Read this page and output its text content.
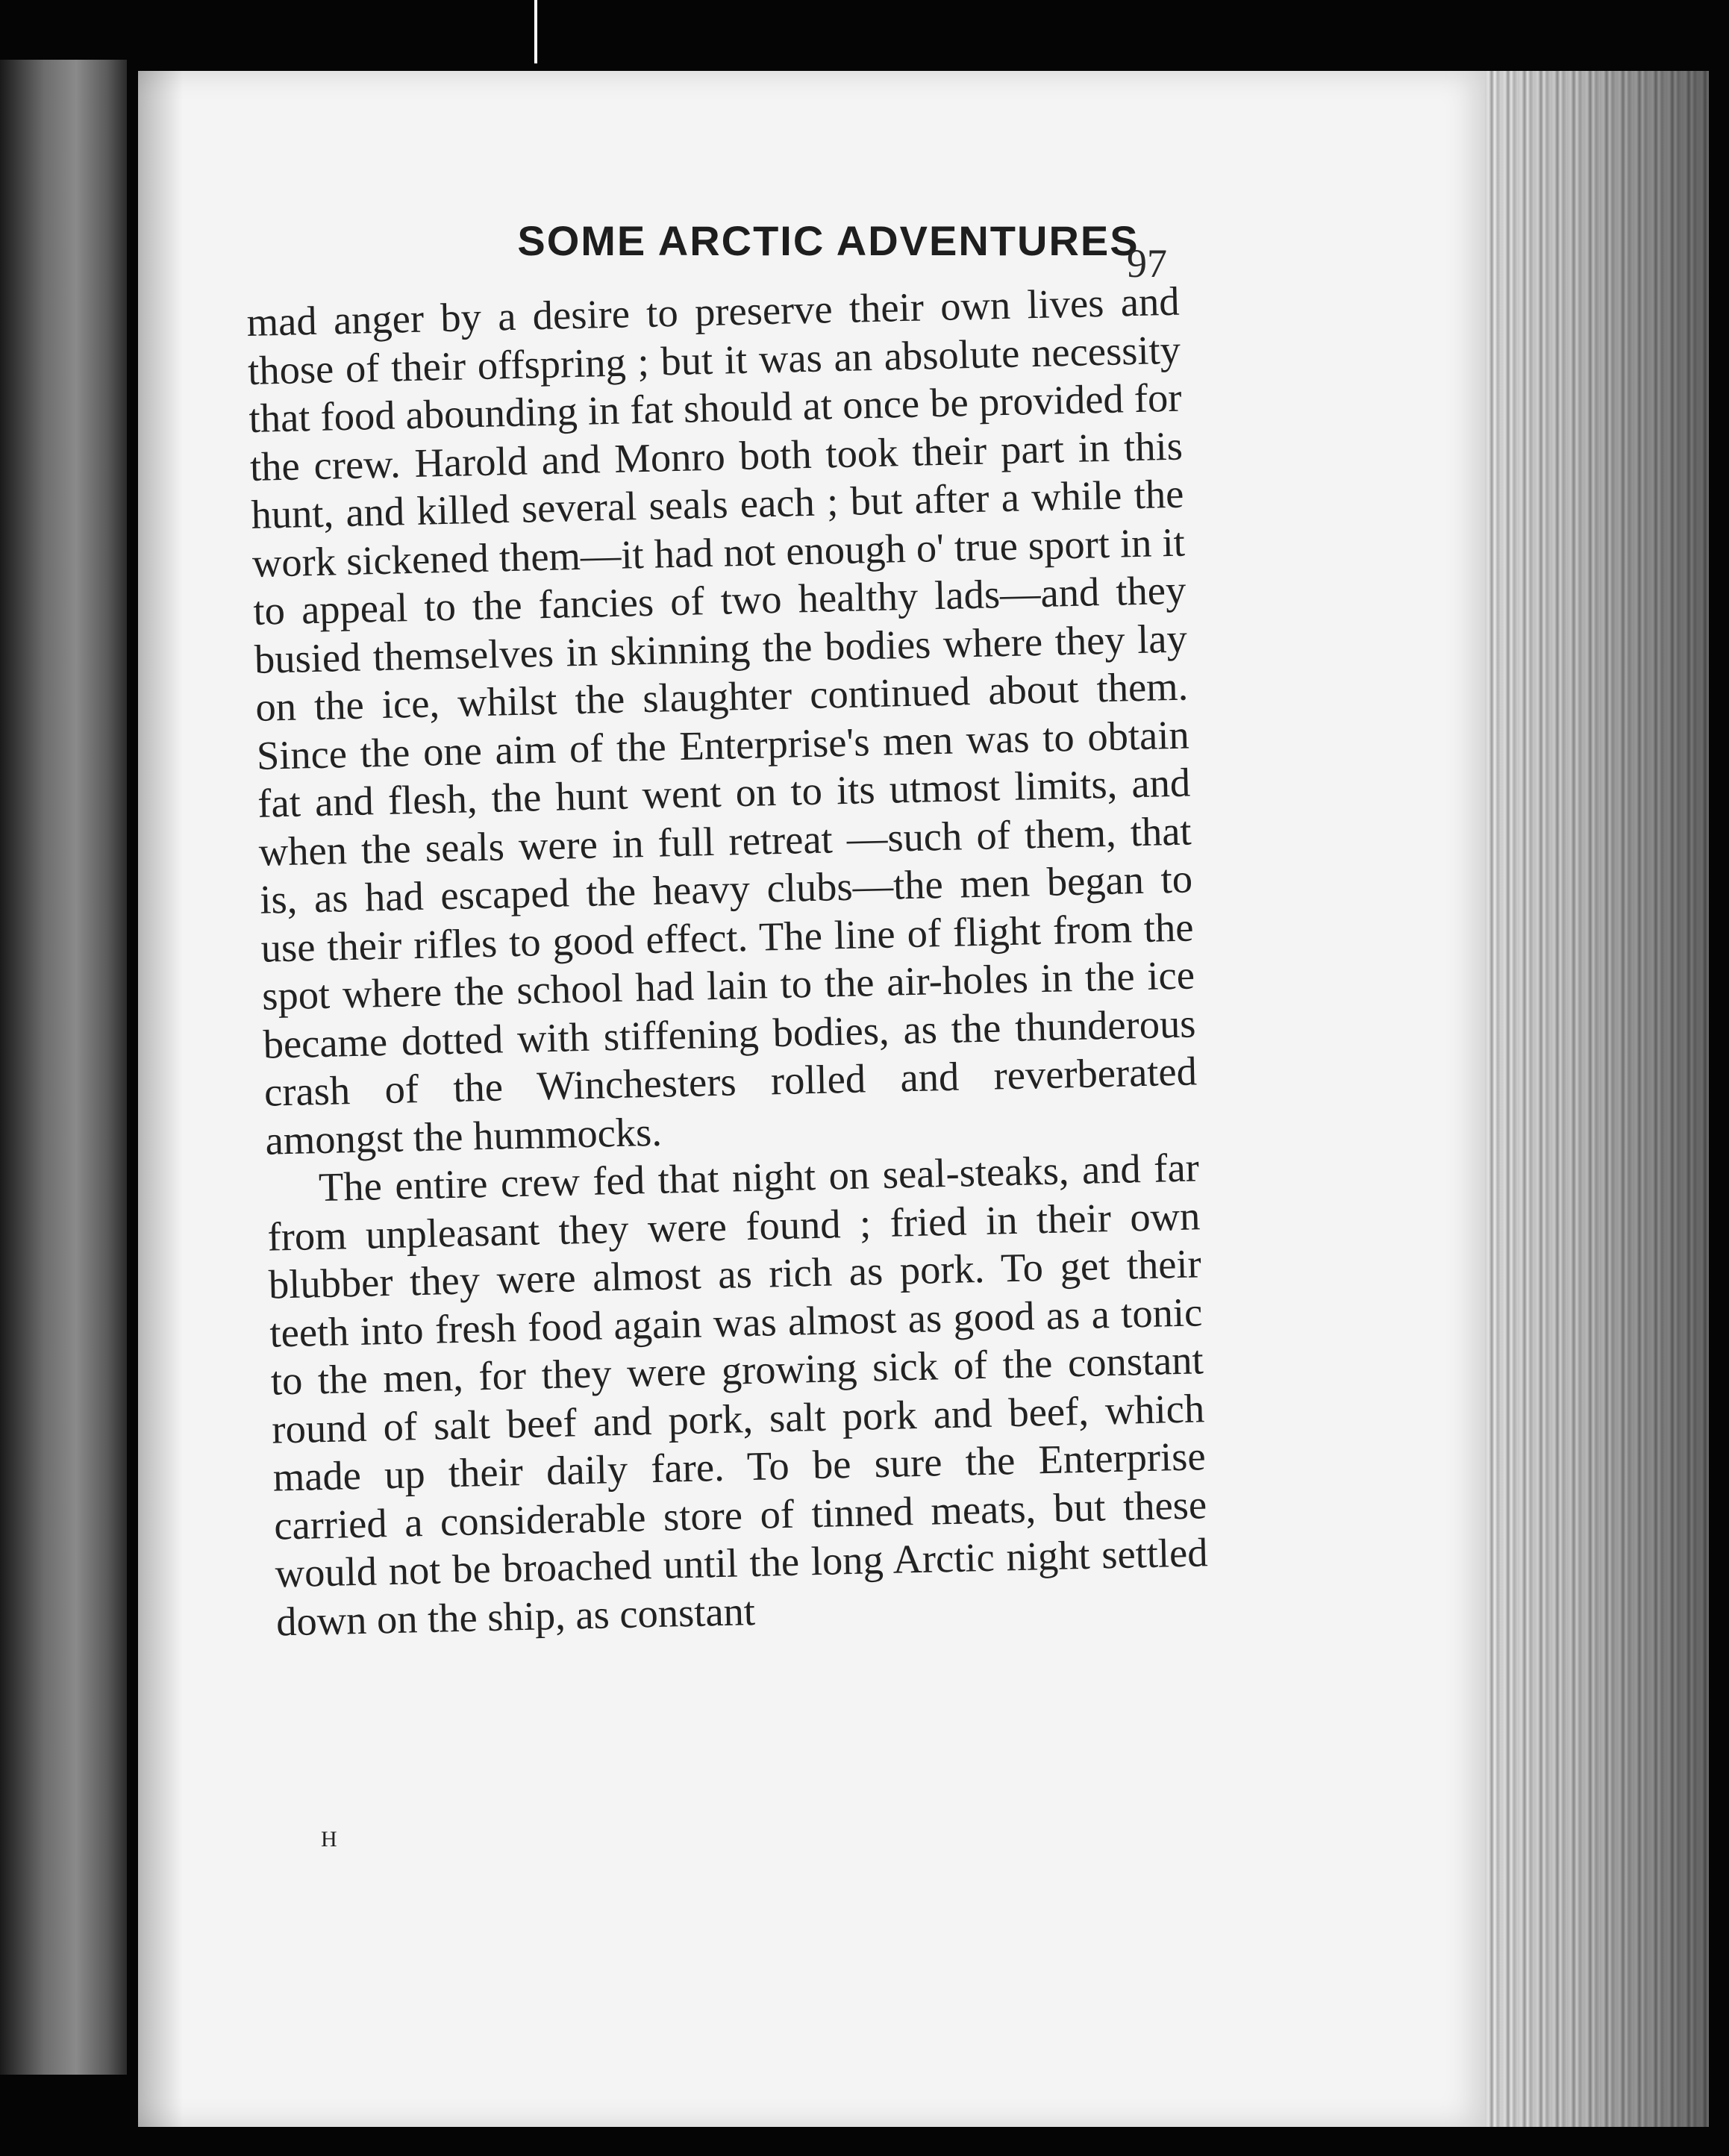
SOME ARCTIC ADVENTURES
97

mad anger by a desire to preserve their own lives and those of their offspring ; but it was an absolute necessity that food abounding in fat should at once be provided for the crew. Harold and Monro both took their part in this hunt, and killed several seals each ; but after a while the work sickened them—it had not enough o' true sport in it to appeal to the fancies of two healthy lads—and they busied themselves in skinning the bodies where they lay on the ice, whilst the slaughter continued about them. Since the one aim of the Enterprise's men was to obtain fat and flesh, the hunt went on to its utmost limits, and when the seals were in full retreat —such of them, that is, as had escaped the heavy clubs—the men began to use their rifles to good effect. The line of flight from the spot where the school had lain to the air-holes in the ice became dotted with stiffening bodies, as the thunderous crash of the Winchesters rolled and reverberated amongst the hummocks.

The entire crew fed that night on seal-steaks, and far from unpleasant they were found ; fried in their own blubber they were almost as rich as pork. To get their teeth into fresh food again was almost as good as a tonic to the men, for they were growing sick of the constant round of salt beef and pork, salt pork and beef, which made up their daily fare. To be sure the Enterprise carried a considerable store of tinned meats, but these would not be broached until the long Arctic night settled down on the ship, as constant

H
